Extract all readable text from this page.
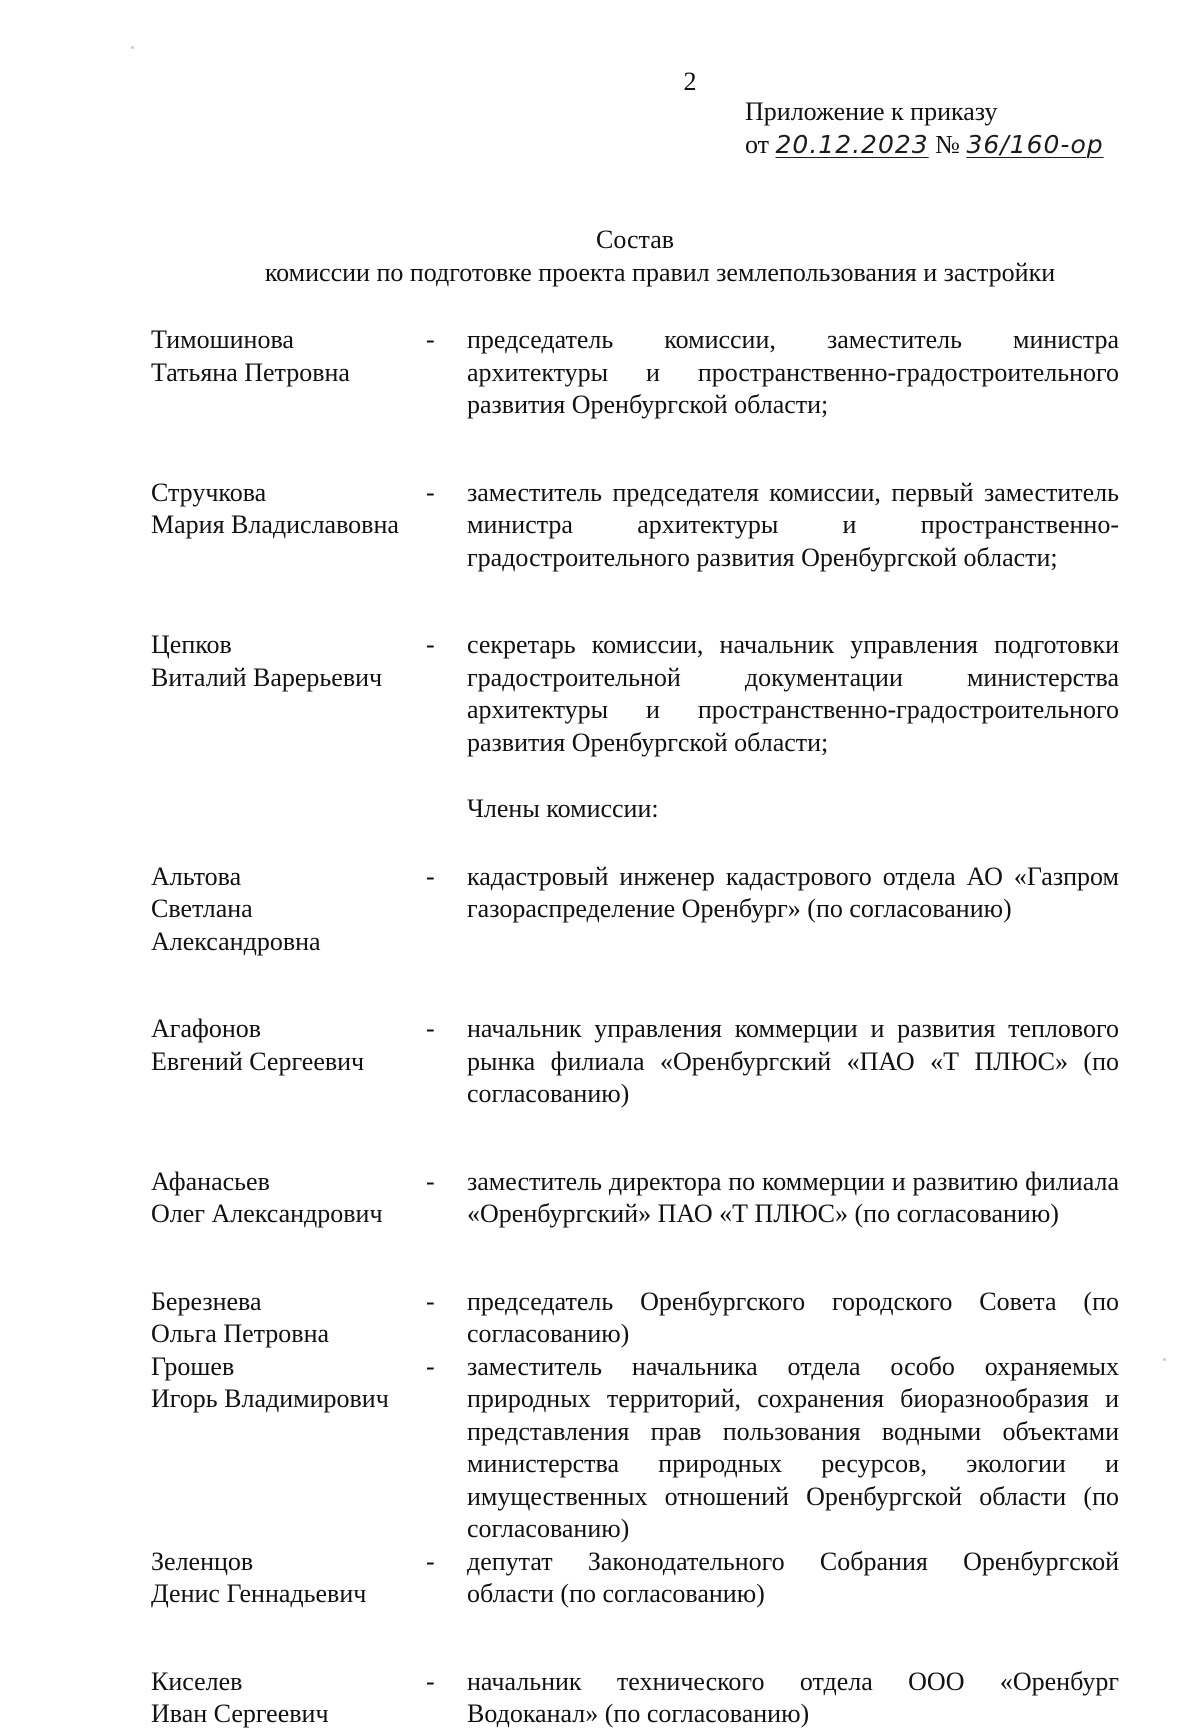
2
Приложение к приказу
от 20.12.2023 № 36/160-ор
Состав
комиссии по подготовке проекта правил землепользования и застройки
Тимошинова
Татьяна Петровна
- председатель комиссии, заместитель министра архитектуры и пространственно-градостроительного развития Оренбургской области;
Стручкова
Мария Владиславовна
- заместитель председателя комиссии, первый заместитель министра архитектуры и пространственно-градостроительного развития Оренбургской области;
Цепков
Виталий Варерьевич
- секретарь комиссии, начальник управления подготовки градостроительной документации министерства архитектуры и пространственно-градостроительного развития Оренбургской области;
Члены комиссии:
Альтова
Светлана
Александровна
- кадастровый инженер кадастрового отдела АО «Газпром газораспределение Оренбург» (по согласованию)
Агафонов
Евгений Сергеевич
- начальник управления коммерции и развития теплового рынка филиала «Оренбургский «ПАО «Т ПЛЮС» (по согласованию)
Афанасьев
Олег Александрович
- заместитель директора по коммерции и развитию филиала «Оренбургский» ПАО «Т ПЛЮС» (по согласованию)
Березнева
Ольга Петровна
- председатель Оренбургского городского Совета (по согласованию)
Грошев
Игорь Владимирович
- заместитель начальника отдела особо охраняемых природных территорий, сохранения биоразнообразия и представления прав пользования водными объектами министерства природных ресурсов, экологии и имущественных отношений Оренбургской области (по согласованию)
Зеленцов
Денис Геннадьевич
- депутат Законодательного Собрания Оренбургской области (по согласованию)
Киселев
Иван Сергеевич
- начальник технического отдела ООО «Оренбург Водоканал» (по согласованию)
